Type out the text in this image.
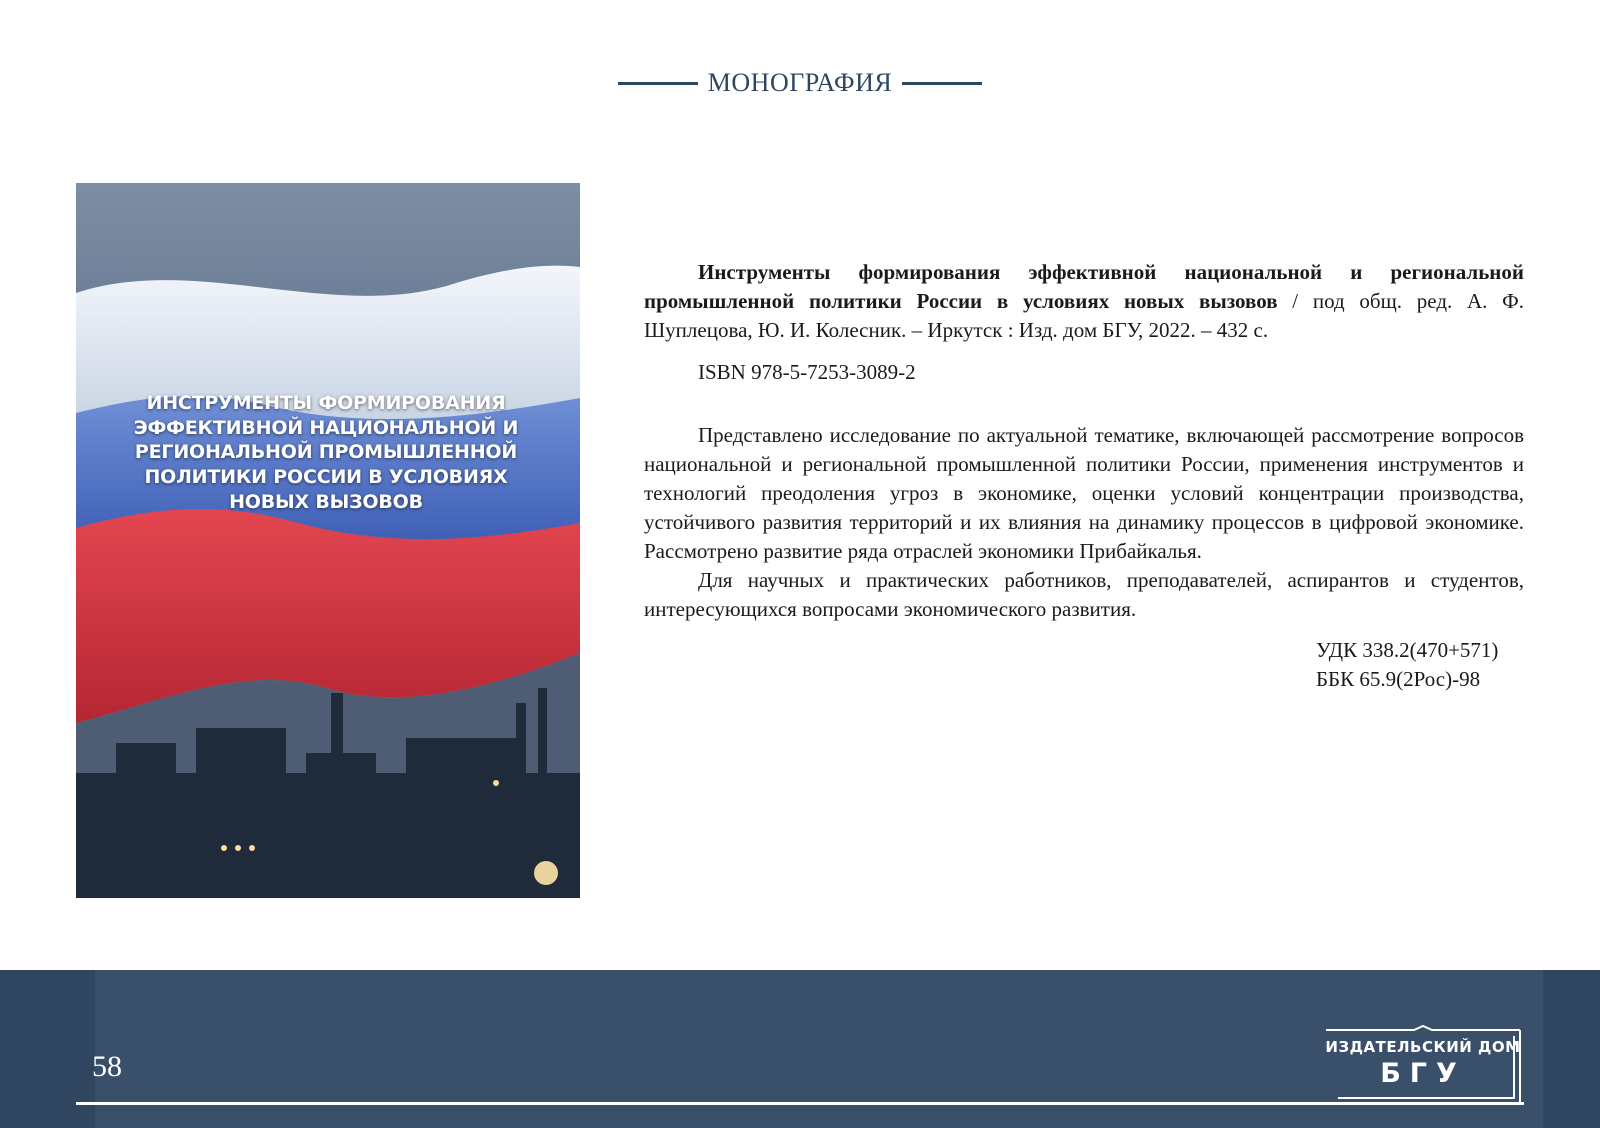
МОНОГРАФИЯ
ИНСТРУМЕНТЫ ФОРМИРОВАНИЯ ЭФФЕКТИВНОЙ НАЦИОНАЛЬНОЙ И РЕГИОНАЛЬНОЙ ПРОМЫШЛЕННОЙ ПОЛИТИКИ РОССИИ В УСЛОВИЯХ НОВЫХ ВЫЗОВОВ

Инструменты формирования эффективной национальной и региональной промышленной политики России в условиях новых вызовов / под общ. ред. А. Ф. Шуплецова, Ю. И. Колесник. – Иркутск : Изд. дом БГУ, 2022. – 432 с.

ISBN 978-5-7253-3089-2

Представлено исследование по актуальной тематике, включающей рассмотрение вопросов национальной и региональной промышленной политики России, применения инструментов и технологий преодоления угроз в экономике, оценки условий концентрации производства, устойчивого развития территорий и их влияния на динамику процессов в цифровой экономике. Рассмотрено развитие ряда отраслей экономики Прибайкалья.

Для научных и практических работников, преподавателей, аспирантов и студентов, интересующихся вопросами экономического развития.

УДК 338.2(470+571)
ББК 65.9(2Рос)-98

58
ИЗДАТЕЛЬСКИЙ ДОМ
БГУ
